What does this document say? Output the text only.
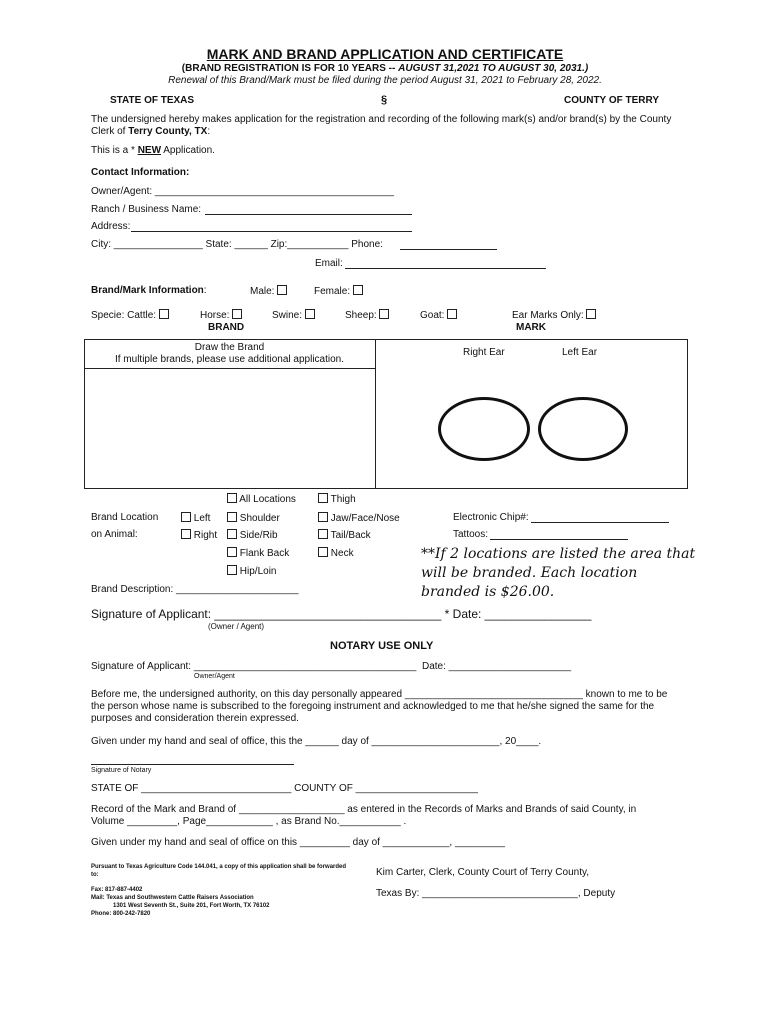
MARK AND BRAND APPLICATION AND CERTIFICATE
(BRAND REGISTRATION IS FOR 10 YEARS -- AUGUST 31,2021 TO AUGUST 30, 2031.)
Renewal of this Brand/Mark must be filed during the period August 31, 2021 to February 28, 2022.
STATE OF TEXAS	§	COUNTY OF TERRY
The undersigned hereby makes application for the registration and recording of the following mark(s) and/or brand(s) by the County
Clerk of Terry County, TX:
This is a * NEW Application.
Contact Information:
Owner/Agent: ___________________________________________
Ranch / Business Name:
Address:
City: ________________ State: ______ Zip:___________ Phone:
Email:
Brand/Mark Information:	Male:	Female:
Specie: Cattle:	Horse:	Swine:	Sheep:	Goat:	Ear Marks Only:
BRAND	MARK
Draw the Brand
If multiple brands, please use additional application.
Right Ear	Left Ear
All Locations	Thigh
Brand Location
on Animal:
Left
Right
Shoulder	Jaw/Face/Nose
Side/Rib	Tail/Back
Flank Back	Neck
Hip/Loin
Electronic Chip#:
Tattoos:
**If 2 locations are listed the area that will be branded. Each location branded is $26.00.
Brand Description: ______________________
Signature of Applicant: __________________________________ * Date: ________________
(Owner / Agent)
NOTARY USE ONLY
Signature of Applicant: ________________________________________
Owner/Agent
Date: ______________________
Before me, the undersigned authority, on this day personally appeared ________________________________ known to me to be
the person whose name is subscribed to the foregoing instrument and acknowledged to me that he/she signed the same for the
purposes and consideration therein expressed.
Given under my hand and seal of office, this the ______ day of _______________________, 20____.
Signature of Notary
STATE OF ___________________________ COUNTY OF ______________________
Record of the Mark and Brand of ___________________ as entered in the Records of Marks and Brands of said County, in
Volume _________, Page____________ , as Brand No.___________ .
Given under my hand and seal of office on this _________ day of ____________, _________
Pursuant to Texas Agriculture Code 144.041, a copy of this application shall be forwarded
to:
Fax: 817-887-4402
Mail: Texas and Southwestern Cattle Raisers Association
1301 West Seventh St., Suite 201, Fort Worth, TX 76102
Phone: 800-242-7820
Kim Carter, Clerk, County Court of Terry County,
Texas By: ____________________________, Deputy
